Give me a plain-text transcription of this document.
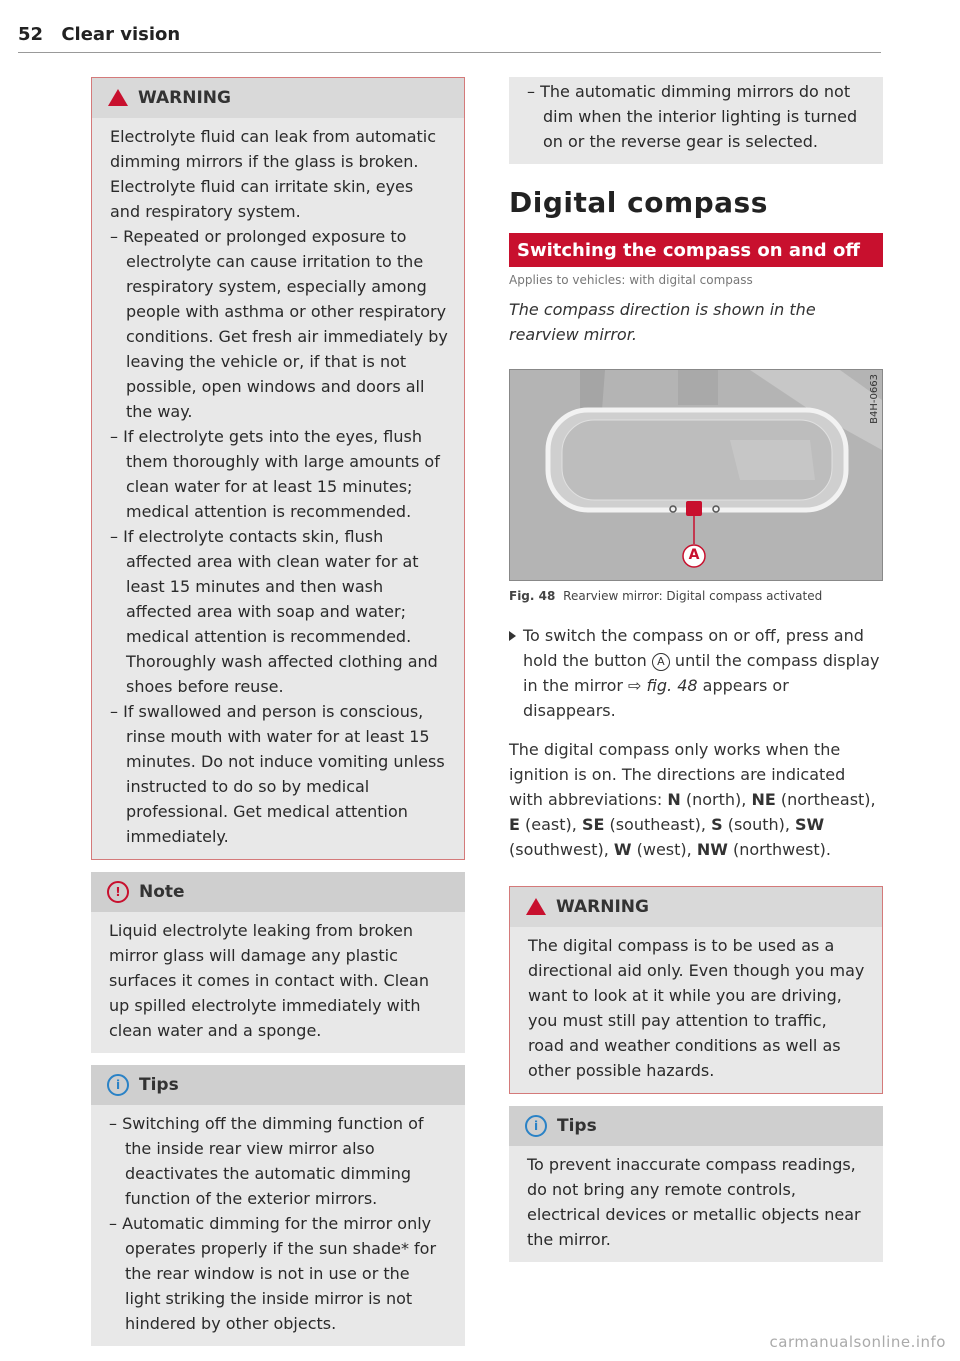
52 Clear vision
WARNING

Electrolyte fluid can leak from automatic dimming mirrors if the glass is broken. Electrolyte fluid can irritate skin, eyes and respiratory system.

– Repeated or prolonged exposure to electrolyte can cause irritation to the respiratory system, especially among people with asthma or other respiratory conditions. Get fresh air immediately by leaving the vehicle or, if that is not possible, open windows and doors all the way.

– If electrolyte gets into the eyes, flush them thoroughly with large amounts of clean water for at least 15 minutes; medical attention is recommended.

– If electrolyte contacts skin, flush affected area with clean water for at least 15 minutes and then wash affected area with soap and water; medical attention is recommended. Thoroughly wash affected clothing and shoes before reuse.

– If swallowed and person is conscious, rinse mouth with water for at least 15 minutes. Do not induce vomiting unless instructed to do so by medical professional. Get medical attention immediately.

!	Note

Liquid electrolyte leaking from broken mirror glass will damage any plastic surfaces it comes in contact with. Clean up spilled electrolyte immediately with clean water and a sponge.

i	Tips

– Switching off the dimming function of the inside rear view mirror also deactivates the automatic dimming function of the exterior mirrors.

– Automatic dimming for the mirror only operates properly if the sun shade* for the rear window is not in use or the light striking the inside mirror is not hindered by other objects.

– The automatic dimming mirrors do not dim when the interior lighting is turned on or the reverse gear is selected.

Digital compass
Switching the compass on and off
Applies to vehicles: with digital compass
The compass direction is shown in the rearview mirror.
A
B4H-0663
Fig. 48 Rearview mirror: Digital compass activated
To switch the compass on or off, press and hold the button A until the compass display in the mirror ⇨ fig. 48 appears or disappears.
The digital compass only works when the ignition is on. The directions are indicated with abbreviations: N (north), NE (northeast), E (east), SE (southeast), S (south), SW (southwest), W (west), NW (northwest).
WARNING

The digital compass is to be used as a directional aid only. Even though you may want to look at it while you are driving, you must still pay attention to traffic, road and weather conditions as well as other possible hazards.

i	Tips

To prevent inaccurate compass readings, do not bring any remote controls, electrical devices or metallic objects near the mirror.

carmanualsonline.info
